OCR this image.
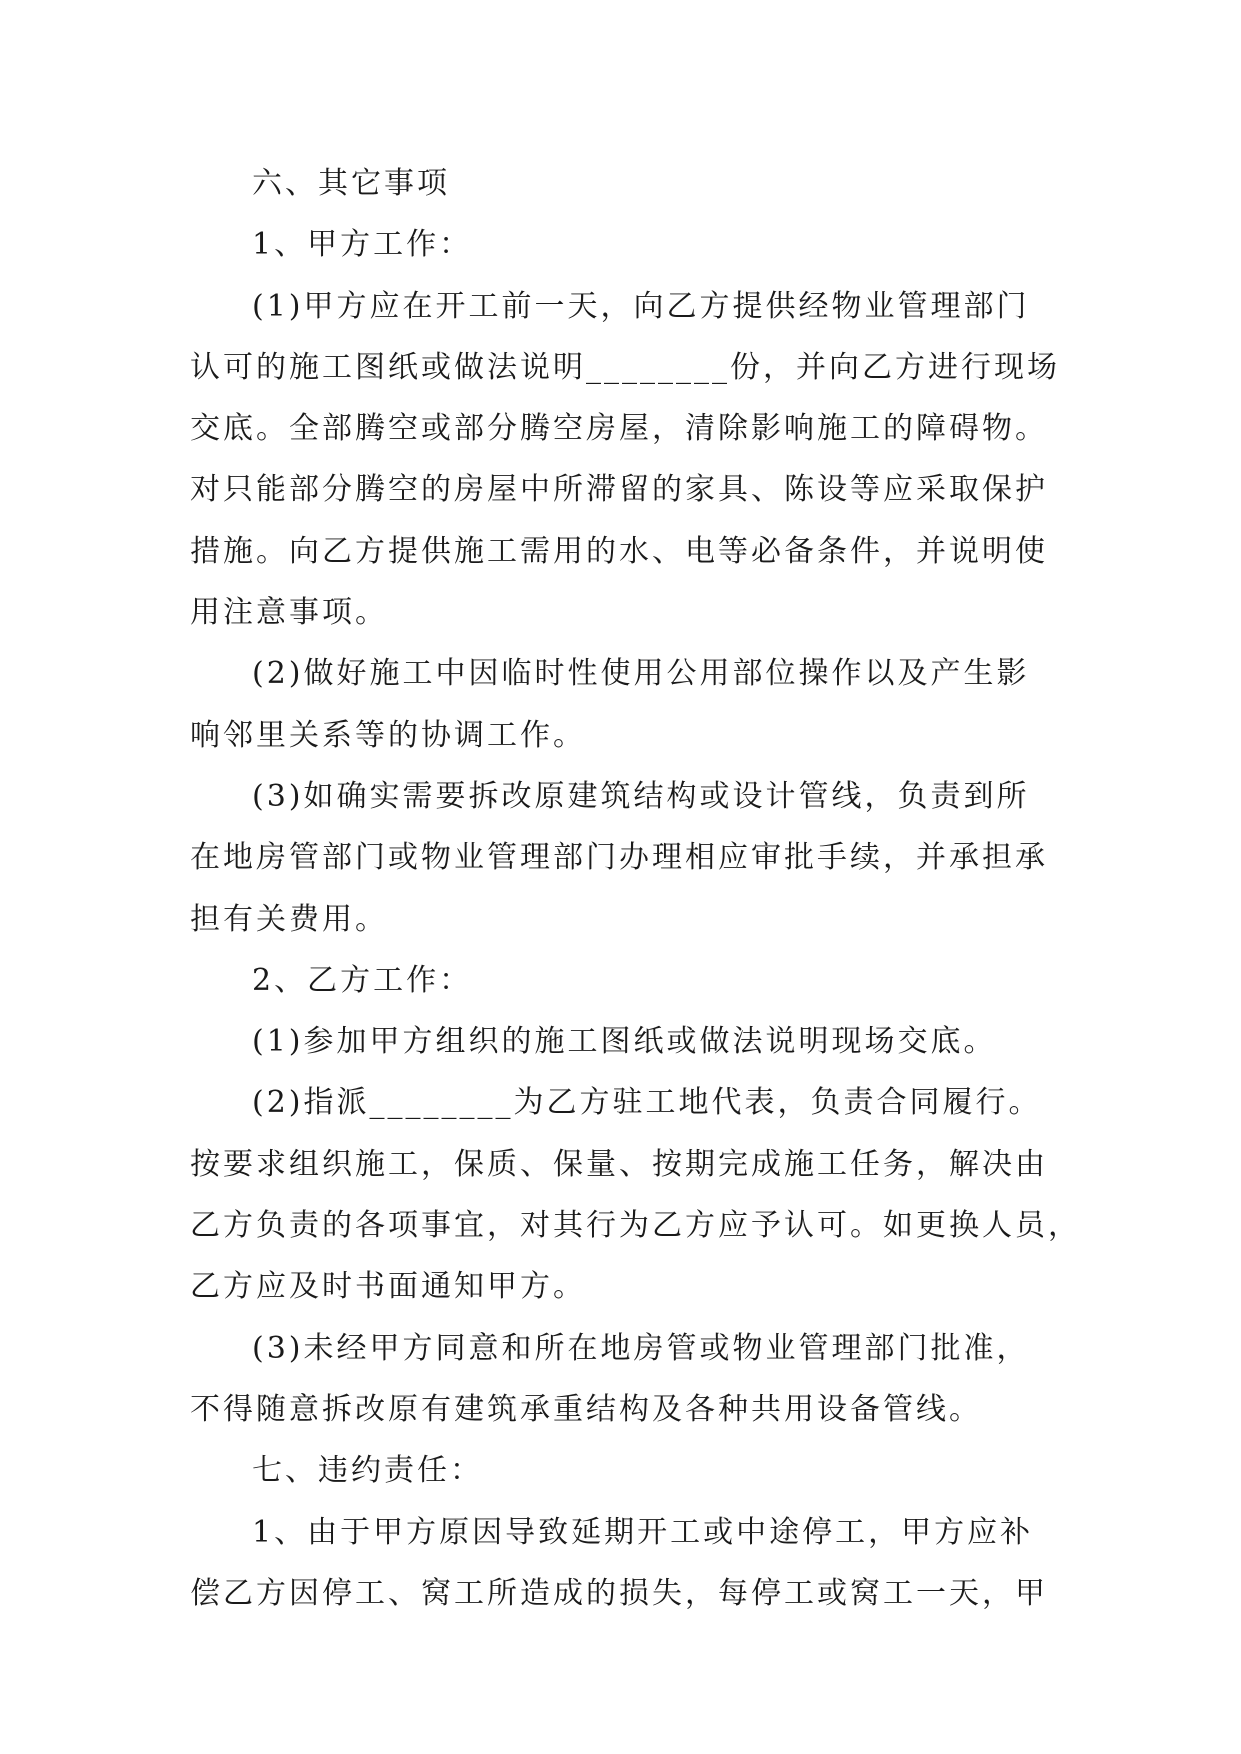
六、其它事项
1、甲方工作：
(1)甲方应在开工前一天，向乙方提供经物业管理部门
认可的施工图纸或做法说明________份，并向乙方进行现场
交底。全部腾空或部分腾空房屋，清除影响施工的障碍物。
对只能部分腾空的房屋中所滞留的家具、陈设等应采取保护
措施。向乙方提供施工需用的水、电等必备条件，并说明使
用注意事项。
(2)做好施工中因临时性使用公用部位操作以及产生影
响邻里关系等的协调工作。
(3)如确实需要拆改原建筑结构或设计管线，负责到所
在地房管部门或物业管理部门办理相应审批手续，并承担承
担有关费用。
2、乙方工作：
(1)参加甲方组织的施工图纸或做法说明现场交底。
(2)指派________为乙方驻工地代表，负责合同履行。
按要求组织施工，保质、保量、按期完成施工任务，解决由
乙方负责的各项事宜，对其行为乙方应予认可。如更换人员，
乙方应及时书面通知甲方。
(3)未经甲方同意和所在地房管或物业管理部门批准，
不得随意拆改原有建筑承重结构及各种共用设备管线。
七、违约责任：
1、由于甲方原因导致延期开工或中途停工，甲方应补
偿乙方因停工、窝工所造成的损失，每停工或窝工一天，甲
